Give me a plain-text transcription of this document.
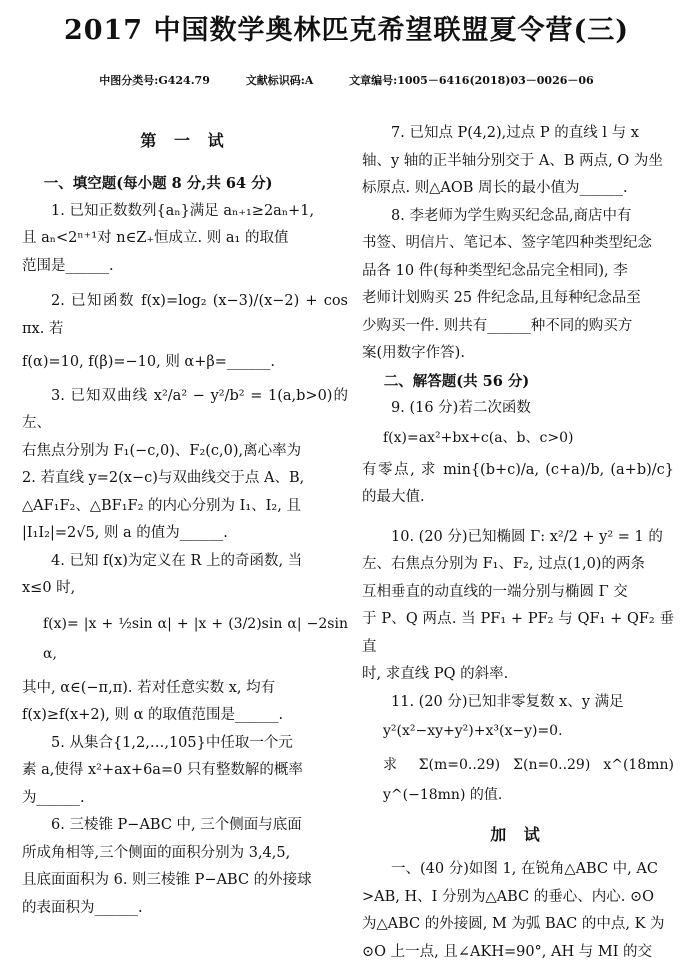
2017 中国数学奥林匹克希望联盟夏令营(三)
中图分类号:G424.79	文献标识码:A	文章编号:1005－6416(2018)03－0026－06
第 一 试

一、填空题(每小题 8 分,共 64 分)

1. 已知正数数列{aₙ}满足 aₙ₊₁≥2aₙ+1,

且 aₙ<2ⁿ⁺¹对 n∈Z₊恒成立. 则 a₁ 的取值

范围是______.

2. 已知函数 f(x)=log₂ (x−3)/(x−2) + cos πx. 若

f(α)=10, f(β)=−10, 则 α+β=______.

3. 已知双曲线 x²/a² − y²/b² = 1(a,b>0)的左、

右焦点分别为 F₁(−c,0)、F₂(c,0),离心率为

2. 若直线 y=2(x−c)与双曲线交于点 A、B,

△AF₁F₂、△BF₁F₂ 的内心分别为 I₁、I₂, 且

|I₁I₂|=2√5, 则 a 的值为______.

4. 已知 f(x)为定义在 R 上的奇函数, 当

x≤0 时,

f(x)= |x + ½sin α| + |x + (3/2)sin α| −2sin α,

其中, α∈(−π,π). 若对任意实数 x, 均有

f(x)≥f(x+2), 则 α 的取值范围是______.

5. 从集合{1,2,…,105}中任取一个元

素 a,使得 x²+ax+6a=0 只有整数解的概率

为______.

6. 三棱锥 P−ABC 中, 三个侧面与底面

所成角相等,三个侧面的面积分别为 3,4,5,

且底面面积为 6. 则三棱锥 P−ABC 的外接球

的表面积为______.

7. 已知点 P(4,2),过点 P 的直线 l 与 x

轴、y 轴的正半轴分别交于 A、B 两点, O 为坐

标原点. 则△AOB 周长的最小值为______.

8. 李老师为学生购买纪念品,商店中有

书签、明信片、笔记本、签字笔四种类型纪念

品各 10 件(每种类型纪念品完全相同), 李

老师计划购买 25 件纪念品,且每种纪念品至

少购买一件. 则共有______种不同的购买方

案(用数字作答).

二、解答题(共 56 分)

9. (16 分)若二次函数

f(x)=ax²+bx+c(a、b、c>0)

有零点, 求 min{(b+c)/a, (c+a)/b, (a+b)/c}的最大值.

10. (20 分)已知椭圆 Γ: x²/2 + y² = 1 的

左、右焦点分别为 F₁、F₂, 过点(1,0)的两条

互相垂直的动直线的一端分别与椭圆 Γ 交

于 P、Q 两点. 当 PF₁ + PF₂ 与 QF₁ + QF₂ 垂直

时, 求直线 PQ 的斜率.

11. (20 分)已知非零复数 x、y 满足

y²(x²−xy+y²)+x³(x−y)=0.

求 Σ(m=0..29) Σ(n=0..29) x^(18mn) y^(−18mn) 的值.

加 试

一、(40 分)如图 1, 在锐角△ABC 中, AC

>AB, H、I 分别为△ABC 的垂心、内心. ⊙O

为△ABC 的外接圆, M 为弧 BAC 的中点, K 为

⊙O 上一点, 且∠AKH=90°, AH 与 MI 的交
